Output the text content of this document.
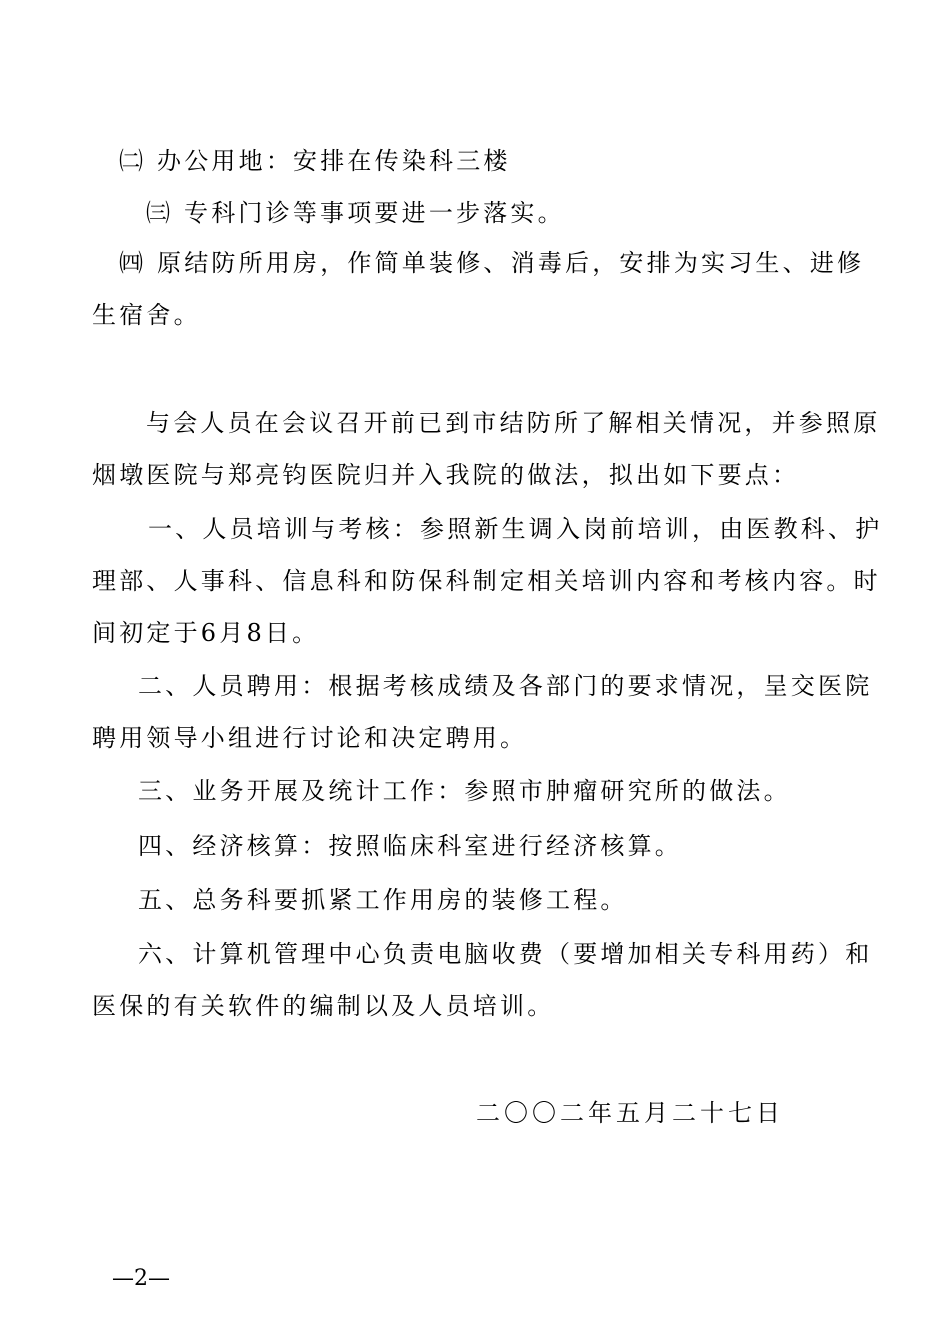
㈡ 办公用地：安排在传染科三楼
㈢ 专科门诊等事项要进一步落实。
㈣ 原结防所用房，作简单装修、消毒后，安排为实习生、进修
生宿舍。
与会人员在会议召开前已到市结防所了解相关情况，并参照原
烟墩医院与郑亮钧医院归并入我院的做法，拟出如下要点：
一、人员培训与考核：参照新生调入岗前培训，由医教科、护
理部、人事科、信息科和防保科制定相关培训内容和考核内容。时
间初定于6月8日。
二、人员聘用：根据考核成绩及各部门的要求情况，呈交医院
聘用领导小组进行讨论和决定聘用。
三、业务开展及统计工作：参照市肿瘤研究所的做法。
四、经济核算：按照临床科室进行经济核算。
五、总务科要抓紧工作用房的装修工程。
六、计算机管理中心负责电脑收费（要增加相关专科用药）和
医保的有关软件的编制以及人员培训。
二〇〇二年五月二十七日
—2—
